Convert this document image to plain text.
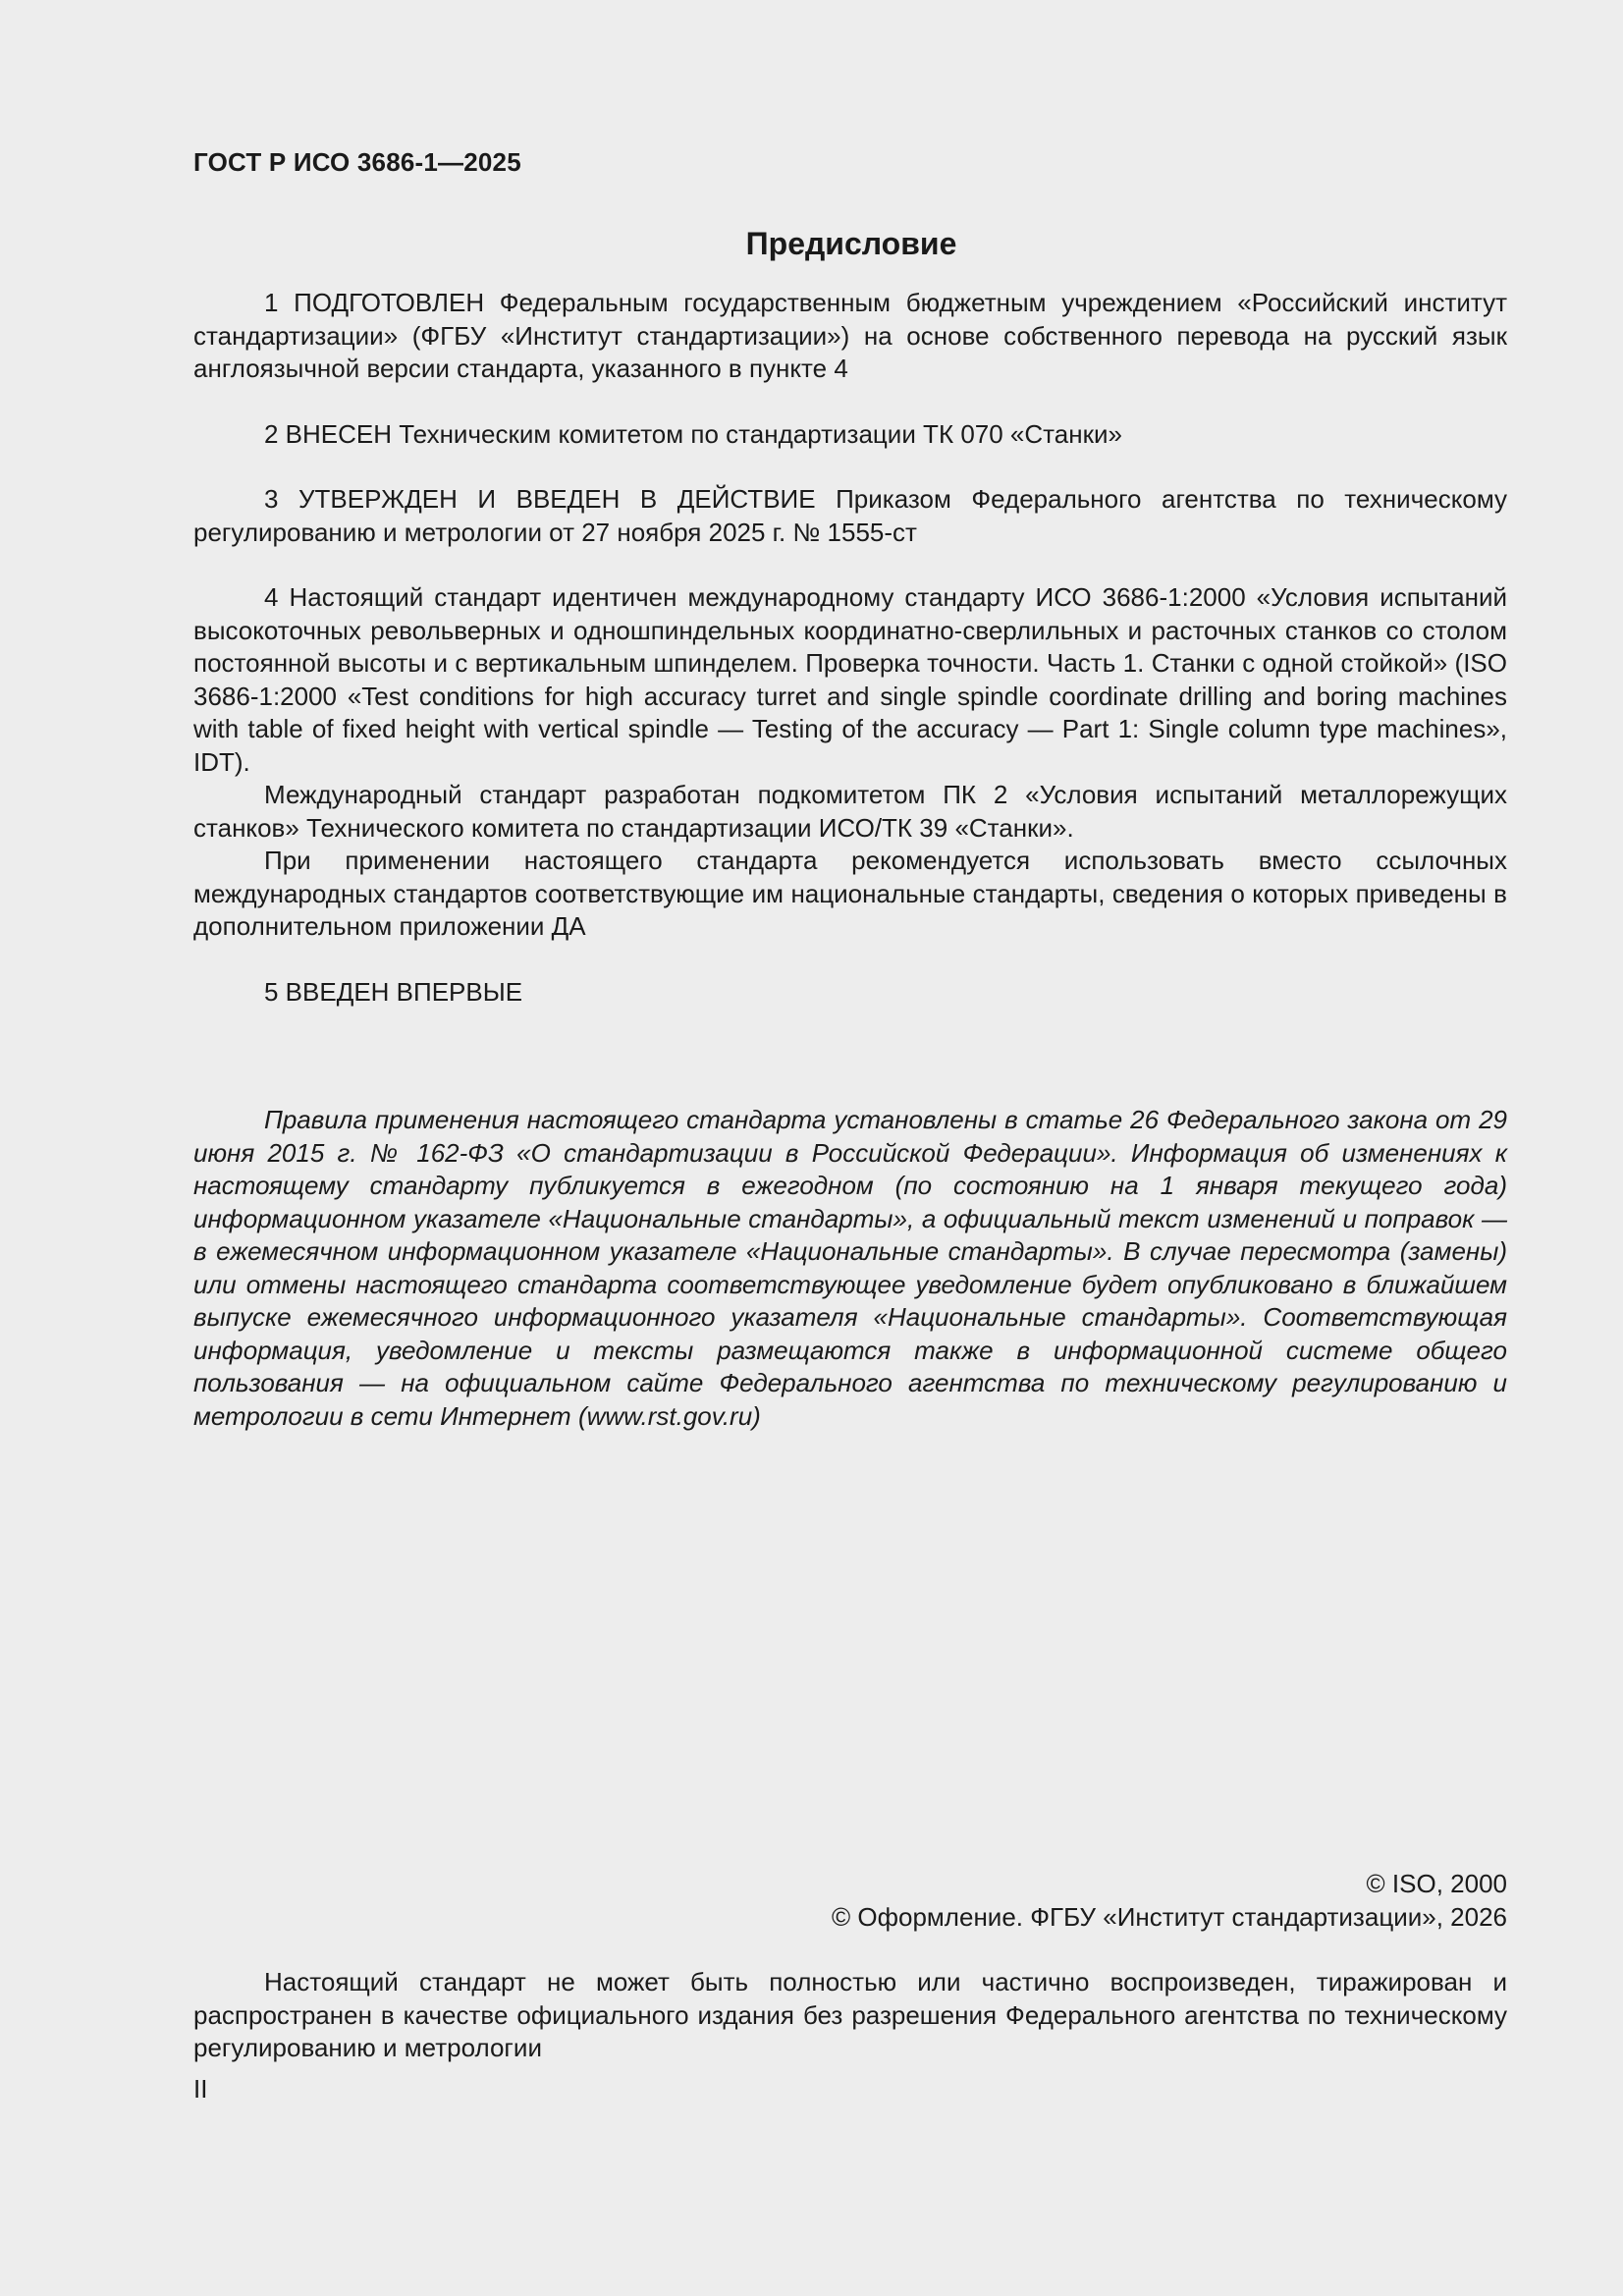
ГОСТ Р ИСО 3686-1—2025
Предисловие

1 ПОДГОТОВЛЕН Федеральным государственным бюджетным учреждением «Российский институт стандартизации» (ФГБУ «Институт стандартизации») на основе собственного перевода на русский язык англоязычной версии стандарта, указанного в пункте 4

2 ВНЕСЕН Техническим комитетом по стандартизации ТК 070 «Станки»

3 УТВЕРЖДЕН И ВВЕДЕН В ДЕЙСТВИЕ Приказом Федерального агентства по техническому регулированию и метрологии от 27 ноября 2025 г. № 1555-ст

4 Настоящий стандарт идентичен международному стандарту ИСО 3686-1:2000 «Условия испытаний высокоточных револьверных и одношпиндельных координатно-сверлильных и расточных станков со столом постоянной высоты и с вертикальным шпинделем. Проверка точности. Часть 1. Станки с одной стойкой» (ISO 3686-1:2000 «Test conditions for high accuracy turret and single spindle coordinate drilling and boring machines with table of fixed height with vertical spindle — Testing of the accuracy — Part 1: Single column type machines», IDT).

Международный стандарт разработан подкомитетом ПК 2 «Условия испытаний металлорежущих станков» Технического комитета по стандартизации ИСО/ТК 39 «Станки».

При применении настоящего стандарта рекомендуется использовать вместо ссылочных международных стандартов соответствующие им национальные стандарты, сведения о которых приведены в дополнительном приложении ДА

5 ВВЕДЕН ВПЕРВЫЕ

Правила применения настоящего стандарта установлены в статье 26 Федерального закона от 29 июня 2015 г. № 162-ФЗ «О стандартизации в Российской Федерации». Информация об изменениях к настоящему стандарту публикуется в ежегодном (по состоянию на 1 января текущего года) информационном указателе «Национальные стандарты», а официальный текст изменений и поправок — в ежемесячном информационном указателе «Национальные стандарты». В случае пересмотра (замены) или отмены настоящего стандарта соответствующее уведомление будет опубликовано в ближайшем выпуске ежемесячного информационного указателя «Национальные стандарты». Соответствующая информация, уведомление и тексты размещаются также в информационной системе общего пользования — на официальном сайте Федерального агентства по техническому регулированию и метрологии в сети Интернет (www.rst.gov.ru)

© ISO, 2000
© Оформление. ФГБУ «Институт стандартизации», 2026

Настоящий стандарт не может быть полностью или частично воспроизведен, тиражирован и распространен в качестве официального издания без разрешения Федерального агентства по техническому регулированию и метрологии

II
